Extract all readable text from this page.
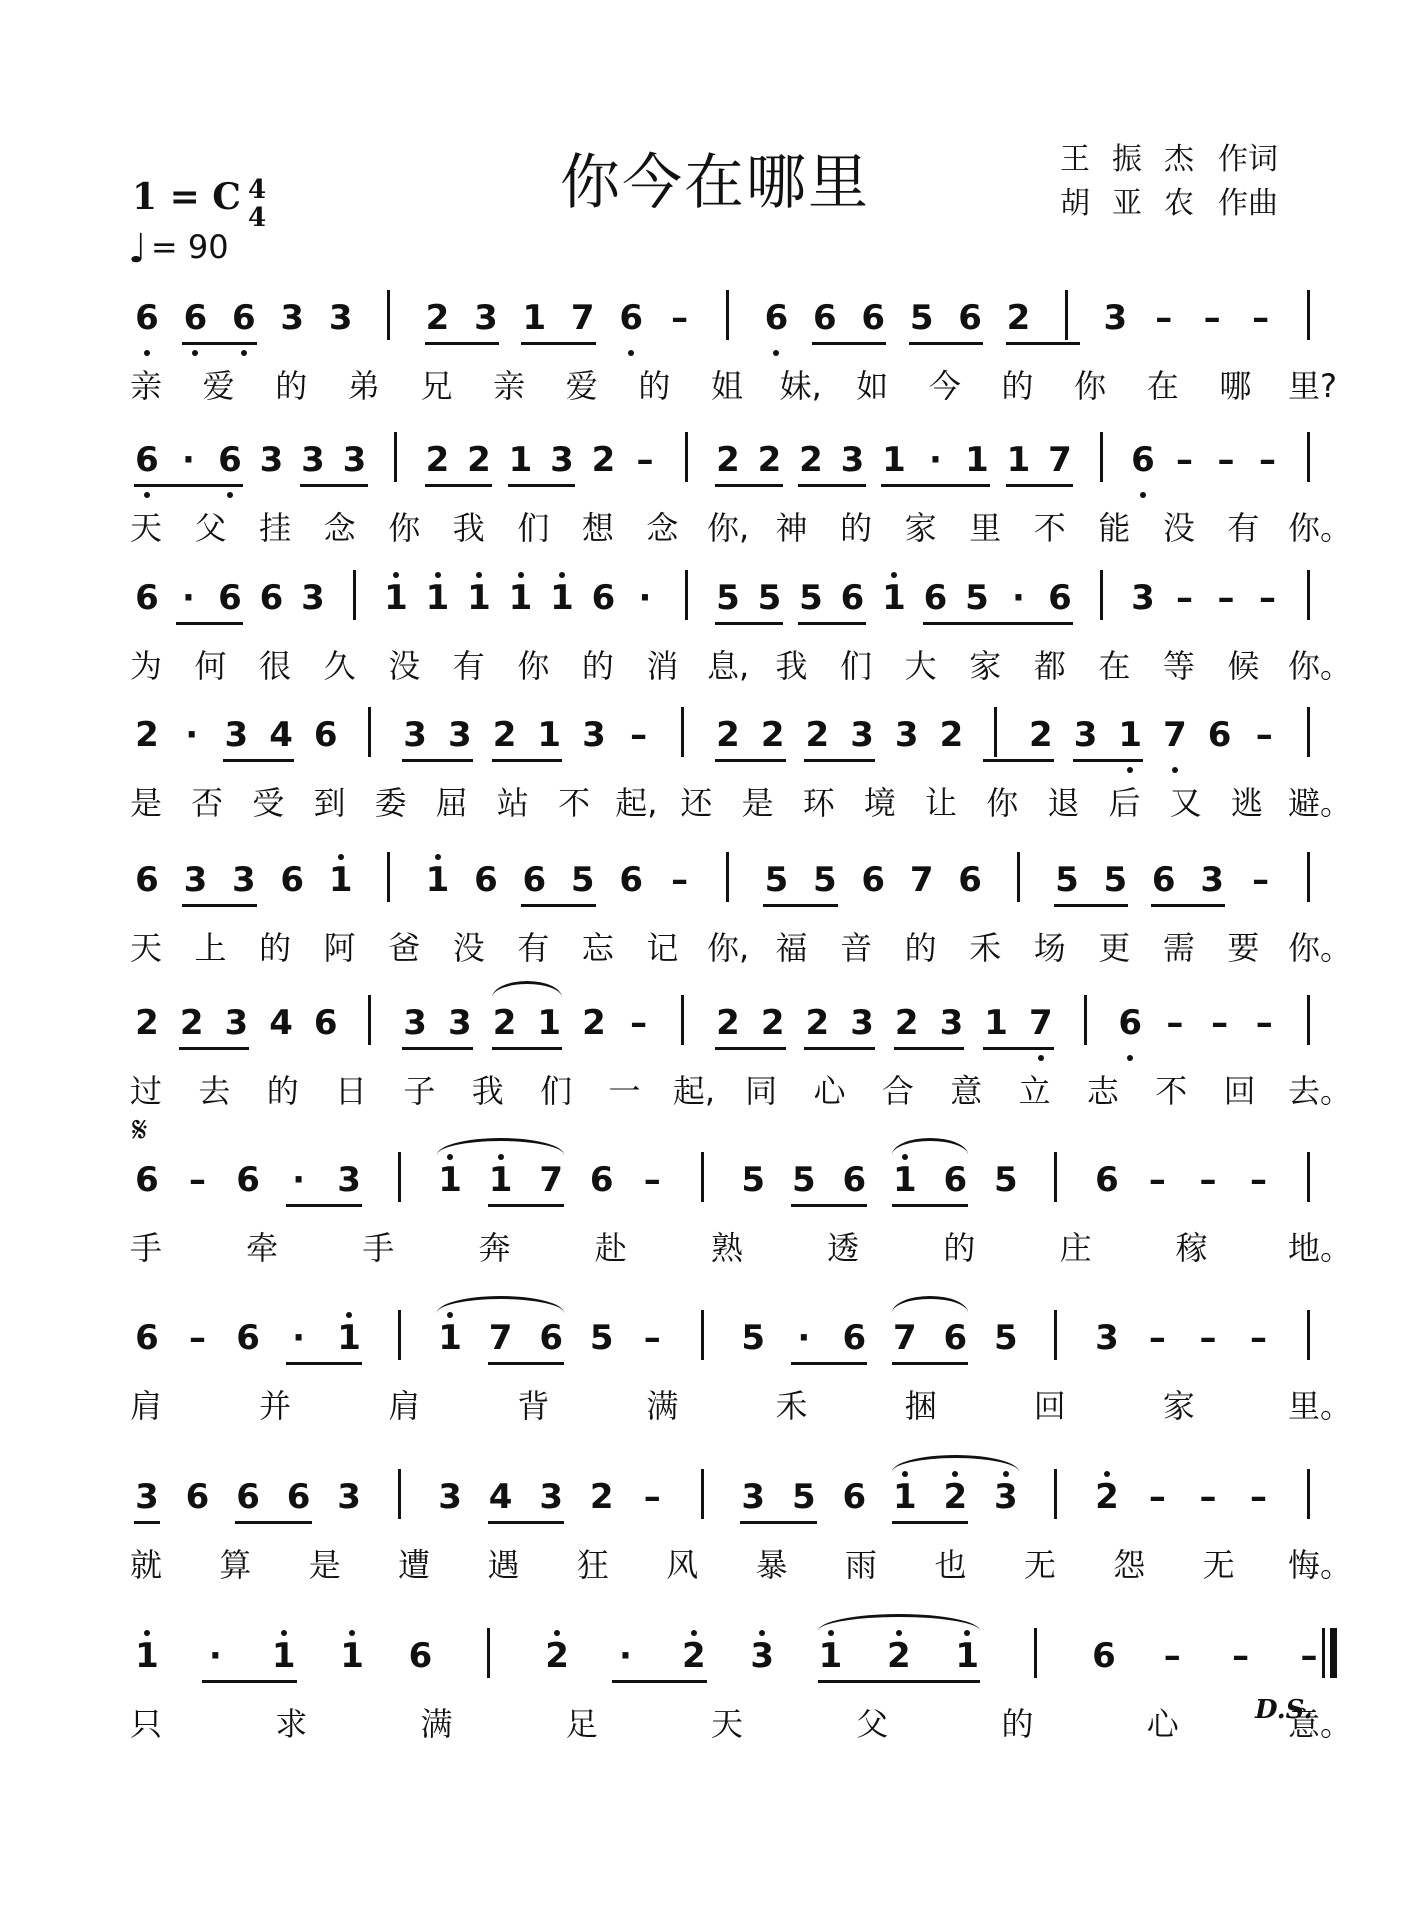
你今在哪里	王振杰 作词
胡亚农 作曲
1 = C 4
4
♩ = 90
𝄋
D.S.
6 6 6 3 3 2 3 1 7 6 – 6 6 6 5 6 2 3 – – –
亲 爱 的 弟 兄 亲 爱 的 姐 妹, 如 今 的 你 在 哪 里?
6 · 6 3 3 3 2 2 1 3 2 – 2 2 2 3 1 · 1 1 7 6 – – –
天 父 挂 念 你 我 们 想 念 你, 神 的 家 里 不 能 没 有 你。
6 · 6 6 3 1 1 1 1 1 6 ·	5 5 5 6 1 6 5 · 6 3 – – –
为 何 很 久 没 有 你 的 消 息, 我 们 大 家 都 在 等 候 你。
2 · 3 4 6 3 3 2 1 3 – 2 2 2 3 3 2 2 3 1 7 6 –
是 否 受 到 委 屈 站 不 起, 还 是 环 境 让 你 退 后 又 逃 避。
6 3 3 6 1 1 6 6 5 6 – 5 5 6 7 6 5 5 6 3 –
天 上 的 阿 爸 没 有 忘 记 你, 福 音 的 禾 场 更 需 要 你。
2 2 3 4 6 3 3 2 1 2 – 2 2 2 3 2 3 1 7 6 – – –
过 去 的 日 子 我 们 一 起, 同 心 合 意 立 志 不 回 去。
6 – 6 · 3 1 1 7 6 – 5 5 6 1 6 5 6 – – –
手	牵	手	奔	赴	熟	透	的	庄	稼	地。
6 – 6 · 1 1 7 6 5 – 5 · 6 7 6 5 3 – – –
肩	并	肩	背	满	禾	捆	回	家	里。
3 6 6 6 3 3 4 3 2 – 3 5 6 1 2 3 2 – – –
就 算 是 遭 遇 狂 风 暴 雨 也 无 怨 无 悔。
1	·	1 1 6	2	·	2 3 1 2 1	6 – – –
只	求	满	足	天	父	的	心	意。
